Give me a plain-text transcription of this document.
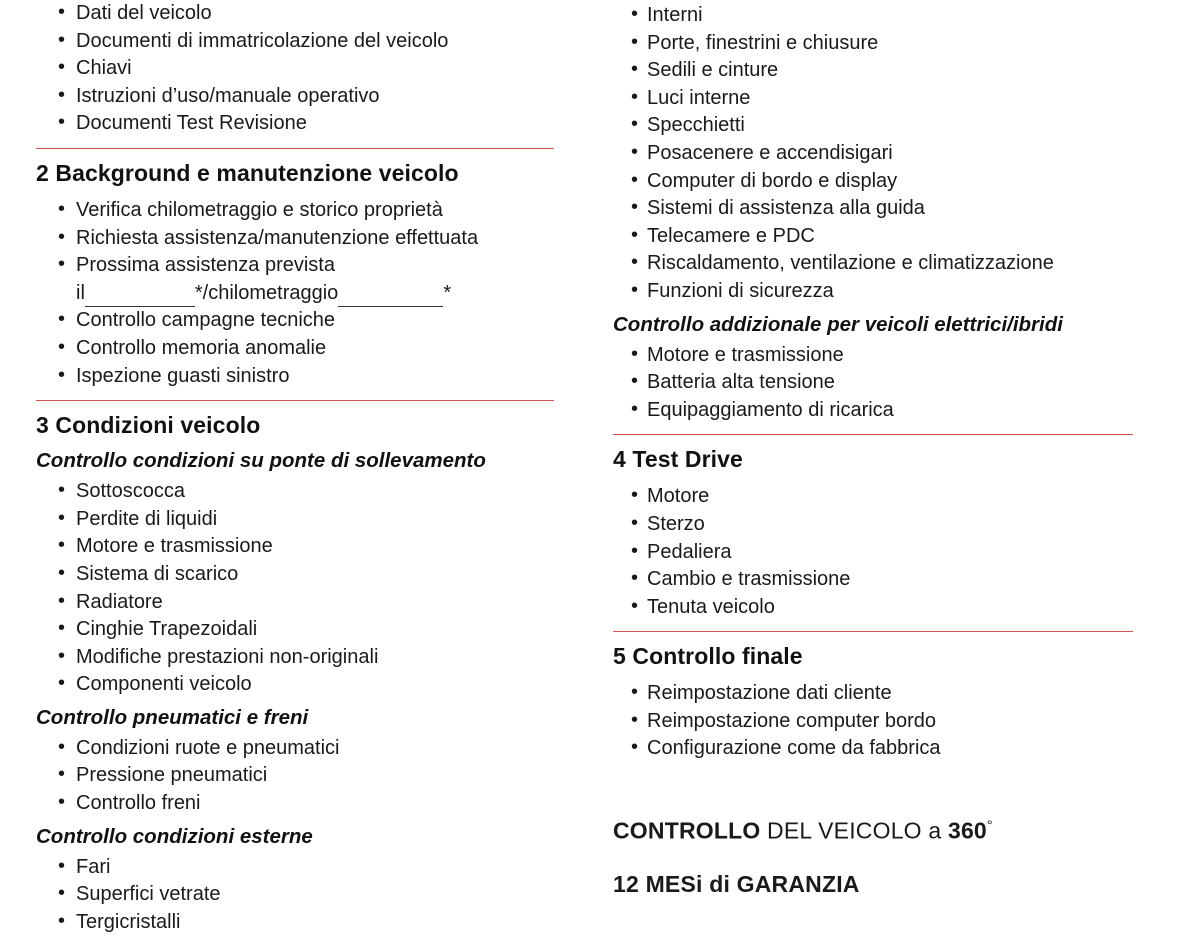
• Dati del veicolo
• Documenti di immatricolazione del veicolo
• Chiavi
• Istruzioni d’uso/manuale operativo
• Documenti Test Revisione
2 Background e manutenzione veicolo
• Verifica chilometraggio e storico proprietà
• Richiesta assistenza/manutenzione effettuata
• Prossima assistenza prevista
il	*/chilometraggio	*
• Controllo campagne tecniche
• Controllo memoria anomalie
• Ispezione guasti sinistro
3 Condizioni veicolo
Controllo condizioni su ponte di sollevamento
• Sottoscocca
• Perdite di liquidi
• Motore e trasmissione
• Sistema di scarico
• Radiatore
• Cinghie Trapezoidali
• Modifiche prestazioni non-originali
• Componenti veicolo
Controllo pneumatici e freni
• Condizioni ruote e pneumatici
• Pressione pneumatici
• Controllo freni
Controllo condizioni esterne
• Fari
• Superfici vetrate
• Tergicristalli
• Interni
• Porte, finestrini e chiusure
• Sedili e cinture
• Luci interne
• Specchietti
• Posacenere e accendisigari
• Computer di bordo e display
• Sistemi di assistenza alla guida
• Telecamere e PDC
• Riscaldamento, ventilazione e climatizzazione
• Funzioni di sicurezza
Controllo addizionale per veicoli elettrici/ibridi
• Motore e trasmissione
• Batteria alta tensione
• Equipaggiamento di ricarica
4 Test Drive
• Motore
• Sterzo
• Pedaliera
• Cambio e trasmissione
• Tenuta veicolo
5 Controllo finale
• Reimpostazione dati cliente
• Reimpostazione computer bordo
• Configurazione come da fabbrica
CONTROLLO DEL VEICOLO a 360°
12 MESi di GARANZIA
